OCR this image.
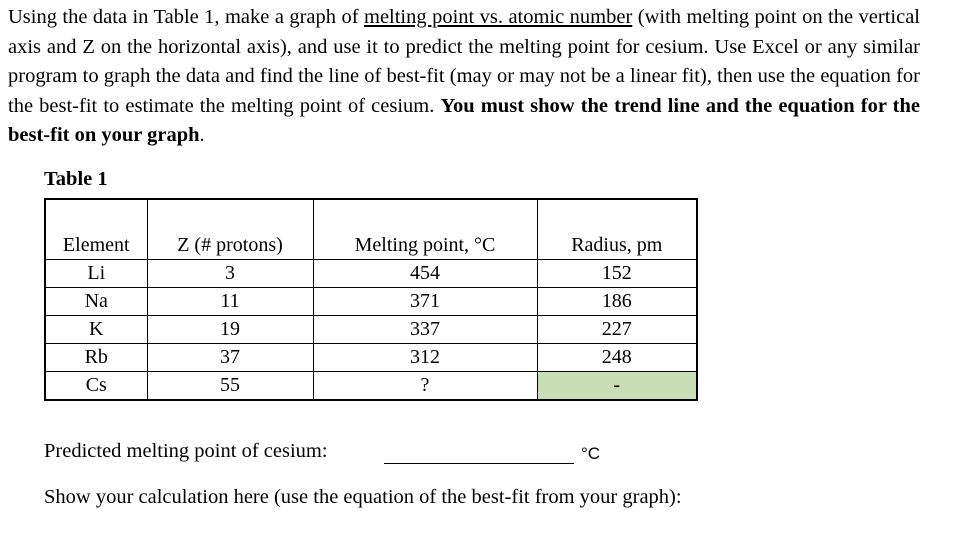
Using the data in Table 1, make a graph of melting point vs. atomic number (with melting point on the vertical axis and Z on the horizontal axis), and use it to predict the melting point for cesium. Use Excel or any similar program to graph the data and find the line of best-fit (may or may not be a linear fit), then use the equation for the best-fit to estimate the melting point of cesium. You must show the trend line and the equation for the best-fit on your graph.

Table 1
Element	Z (# protons)	Melting point, °C	Radius, pm
Li	3	454	152
Na	11	371	186
K	19	337	227
Rb	37	312	248
Cs	55	?	-
Predicted melting point of cesium:	°C
Show your calculation here (use the equation of the best-fit from your graph):
